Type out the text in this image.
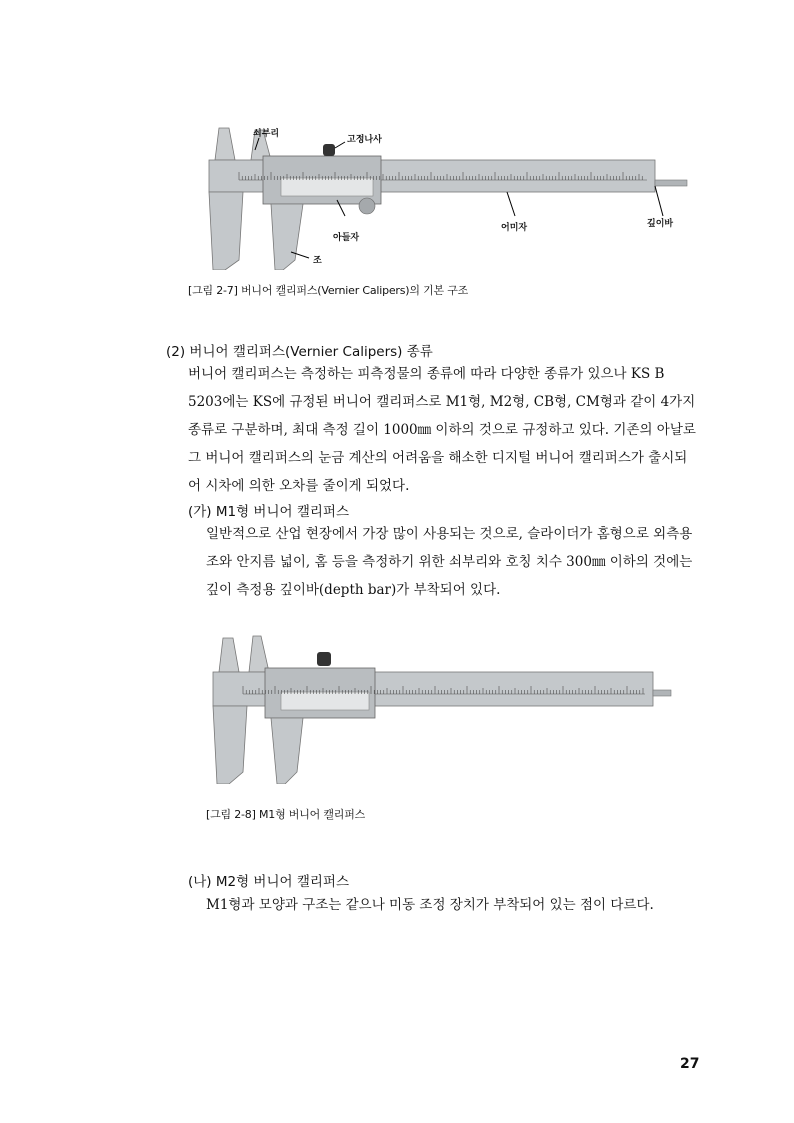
쇠부리
고정나사
아들자
어미자	깊이바
조
[그림 2-7] 버니어 캘리퍼스(Vernier Calipers)의 기본 구조
(2) 버니어 캘리퍼스(Vernier Calipers) 종류
버니어 캘리퍼스는 측정하는 피측정물의 종류에 따라 다양한 종류가 있으나 KS B
5203에는 KS에 규정된 버니어 캘리퍼스로 M1형, M2형, CB형, CM형과 같이 4가지
종류로 구분하며, 최대 측정 길이 1000㎜ 이하의 것으로 규정하고 있다. 기존의 아날로
그 버니어 캘리퍼스의 눈금 계산의 어려움을 해소한 디지털 버니어 캘리퍼스가 출시되
어 시차에 의한 오차를 줄이게 되었다.
(가) M1형 버니어 캘리퍼스
일반적으로 산업 현장에서 가장 많이 사용되는 것으로, 슬라이더가 홈형으로 외측용
조와 안지름 넓이, 홈 등을 측정하기 위한 쇠부리와 호칭 치수 300㎜ 이하의 것에는
깊이 측정용 깊이바(depth bar)가 부착되어 있다.
[그림 2-8] M1형 버니어 캘리퍼스
(나) M2형 버니어 캘리퍼스
M1형과 모양과 구조는 같으나 미동 조정 장치가 부착되어 있는 점이 다르다.
27
